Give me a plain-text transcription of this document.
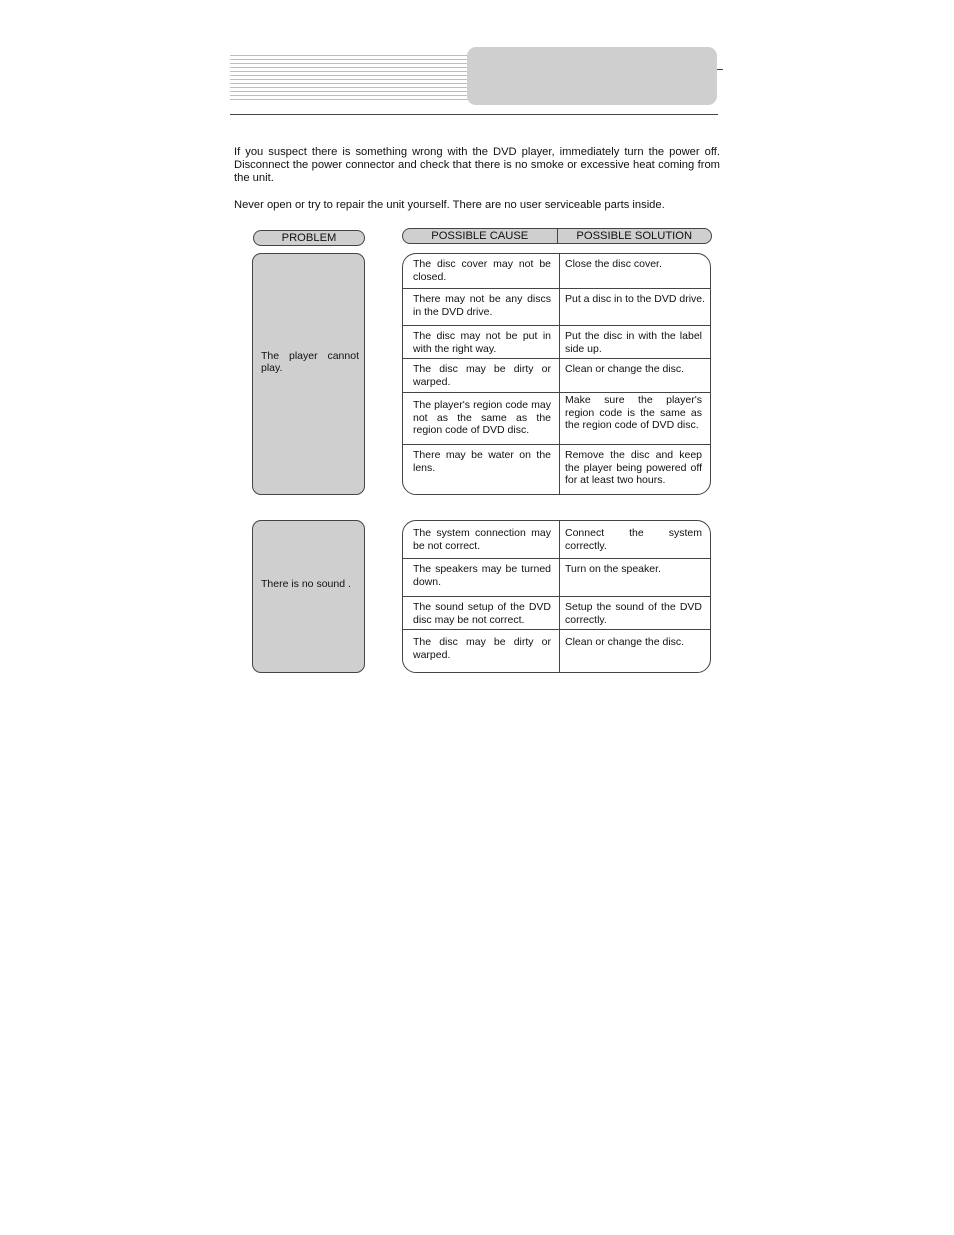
If you suspect there is something wrong with the DVD player, immediately turn the power off. Disconnect the power connector and check that there is no smoke or excessive heat coming from the unit.

Never open or try to repair the unit yourself. There are no user serviceable parts inside.

PROBLEM	POSSIBLE CAUSE	POSSIBLE SOLUTION
The player cannot play.
The disc cover may not be closed.
Close the disc cover.
There may not be any discs in the DVD drive.
Put a disc in to the DVD drive.
The disc may not be put in with the right way.
Put the disc in with the label side up.
The disc may be dirty or warped.
Clean or change the disc.
The player's region code may not as the same as the region code of DVD disc.
Make sure the player's region code is the same as the region code of DVD disc.
There may be water on the lens.
Remove the disc and keep the player being powered off for at least two hours.
There is no sound .
The system connection may be not correct.
Connect the system correctly.
The speakers may be turned down.
Turn on the speaker.
The sound setup of the DVD disc may be not correct.
Setup the sound of the DVD correctly.
The disc may be dirty or warped.
Clean or change the disc.
